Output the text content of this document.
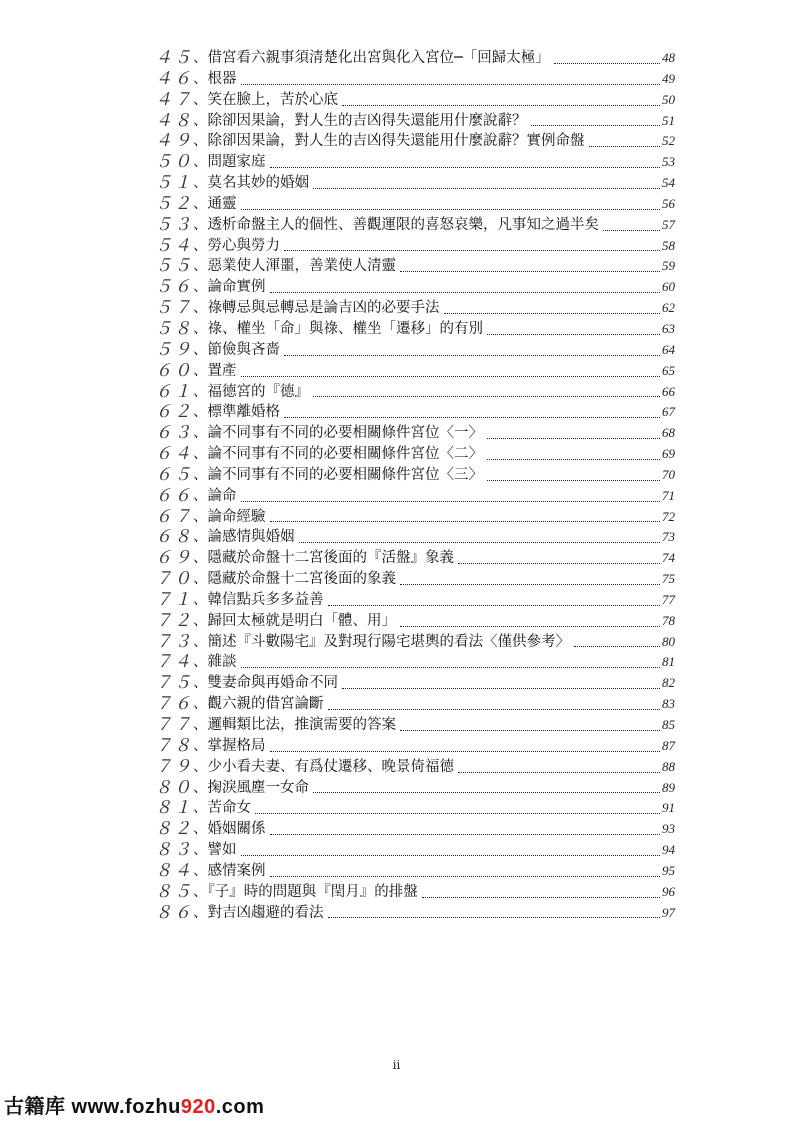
４５ 、借宮看六親事須清楚化出宮與化入宮位─「回歸太極」	48
４６ 、根器	49
４７ 、笑在臉上，苦於心底	50
４８ 、除卻因果論，對人生的吉凶得失還能用什麼說辭？	51
４９ 、除卻因果論，對人生的吉凶得失還能用什麼說辭？實例命盤	52
５０ 、問題家庭	53
５１ 、莫名其妙的婚姻	54
５２ 、通靈	56
５３ 、透析命盤主人的個性、善觀運限的喜怒哀樂，凡事知之過半矣	57
５４ 、勞心與勞力	58
５５ 、惡業使人渾噩，善業使人清靈	59
５６ 、論命實例	60
５７ 、祿轉忌與忌轉忌是論吉凶的必要手法	62
５８ 、祿、權坐「命」與祿、權坐「遷移」的有別	63
５９ 、節儉與吝嗇	64
６０ 、置產	65
６１ 、福德宮的『德』	66
６２ 、標準離婚格	67
６３ 、論不同事有不同的必要相關條件宮位〈一〉	68
６４ 、論不同事有不同的必要相關條件宮位〈二〉	69
６５ 、論不同事有不同的必要相關條件宮位〈三〉	70
６６ 、論命	71
６７ 、論命經驗	72
６８ 、論感情與婚姻	73
６９ 、隱藏於命盤十二宮後面的『活盤』象義	74
７０ 、隱藏於命盤十二宮後面的象義	75
７１ 、韓信點兵多多益善	77
７２ 、歸回太極就是明白「體、用」	78
７３ 、簡述『斗數陽宅』及對現行陽宅堪輿的看法〈僅供參考〉	80
７４ 、雜談	81
７５ 、雙妻命與再婚命不同	82
７６ 、觀六親的借宮論斷	83
７７ 、邏輯類比法，推演需要的答案	85
７８ 、掌握格局	87
７９ 、少小看夫妻、有爲仗遷移、晚景倚福德	88
８０ 、掬淚風塵一女命	89
８１ 、苦命女	91
８２ 、婚姻關係	93
８３ 、譬如	94
８４ 、感情案例	95
８５ 、『子』時的問題與『閏月』的排盤	96
８６ 、對吉凶趨避的看法	97
ii
古籍库 www.fozhu920.com
